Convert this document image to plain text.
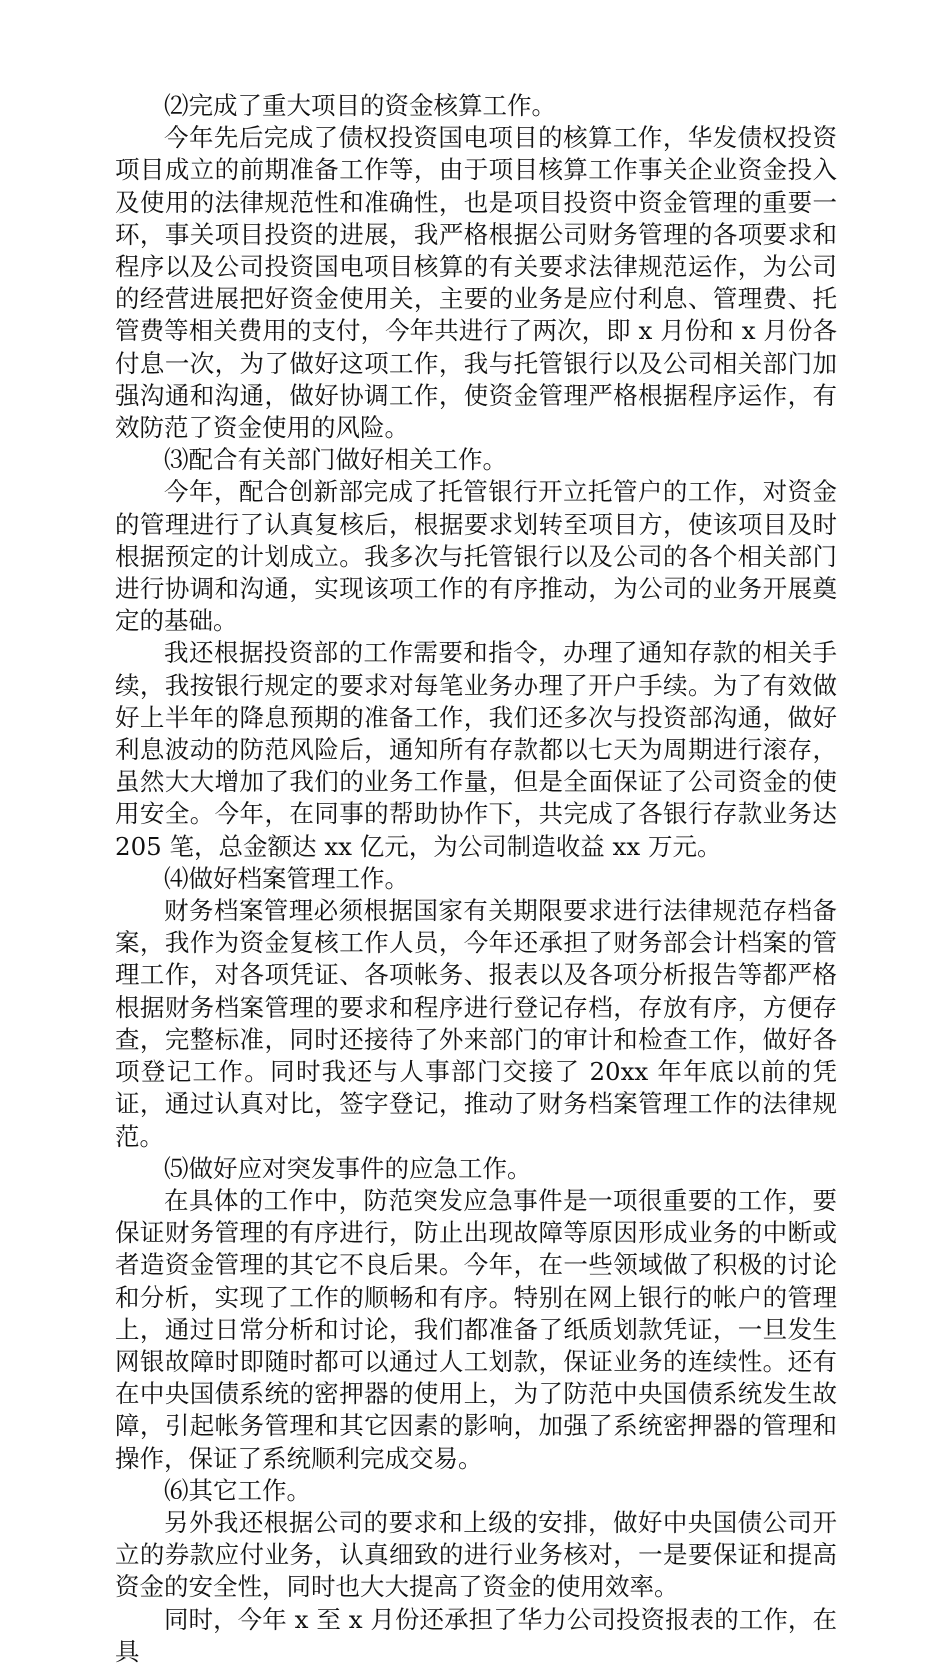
⑵完成了重大项目的资金核算工作。

今年先后完成了债权投资国电项目的核算工作，华发债权投资项目成立的前期准备工作等，由于项目核算工作事关企业资金投入及使用的法律规范性和准确性，也是项目投资中资金管理的重要一环，事关项目投资的进展，我严格根据公司财务管理的各项要求和程序以及公司投资国电项目核算的有关要求法律规范运作，为公司的经营进展把好资金使用关，主要的业务是应付利息、管理费、托管费等相关费用的支付，今年共进行了两次，即 x 月份和 x 月份各付息一次，为了做好这项工作，我与托管银行以及公司相关部门加强沟通和沟通，做好协调工作，使资金管理严格根据程序运作，有效防范了资金使用的风险。

⑶配合有关部门做好相关工作。

今年，配合创新部完成了托管银行开立托管户的工作，对资金的管理进行了认真复核后，根据要求划转至项目方，使该项目及时根据预定的计划成立。我多次与托管银行以及公司的各个相关部门进行协调和沟通，实现该项工作的有序推动，为公司的业务开展奠定的基础。

我还根据投资部的工作需要和指令，办理了通知存款的相关手续，我按银行规定的要求对每笔业务办理了开户手续。为了有效做好上半年的降息预期的准备工作，我们还多次与投资部沟通，做好利息波动的防范风险后，通知所有存款都以七天为周期进行滚存，虽然大大增加了我们的业务工作量，但是全面保证了公司资金的使用安全。今年，在同事的帮助协作下，共完成了各银行存款业务达 205 笔，总金额达 xx 亿元，为公司制造收益 xx 万元。

⑷做好档案管理工作。

财务档案管理必须根据国家有关期限要求进行法律规范存档备案，我作为资金复核工作人员，今年还承担了财务部会计档案的管理工作，对各项凭证、各项帐务、报表以及各项分析报告等都严格根据财务档案管理的要求和程序进行登记存档，存放有序，方便存查，完整标准，同时还接待了外来部门的审计和检查工作，做好各项登记工作。同时我还与人事部门交接了 20xx 年年底以前的凭证，通过认真对比，签字登记，推动了财务档案管理工作的法律规范。

⑸做好应对突发事件的应急工作。

在具体的工作中，防范突发应急事件是一项很重要的工作，要保证财务管理的有序进行，防止出现故障等原因形成业务的中断或者造资金管理的其它不良后果。今年，在一些领域做了积极的讨论和分析，实现了工作的顺畅和有序。特别在网上银行的帐户的管理上，通过日常分析和讨论，我们都准备了纸质划款凭证，一旦发生网银故障时即随时都可以通过人工划款，保证业务的连续性。还有在中央国债系统的密押器的使用上，为了防范中央国债系统发生故障，引起帐务管理和其它因素的影响，加强了系统密押器的管理和操作，保证了系统顺利完成交易。

⑹其它工作。

另外我还根据公司的要求和上级的安排，做好中央国债公司开立的券款应付业务，认真细致的进行业务核对，一是要保证和提高资金的安全性，同时也大大提高了资金的使用效率。

同时，今年 x 至 x 月份还承担了华力公司投资报表的工作，在具
